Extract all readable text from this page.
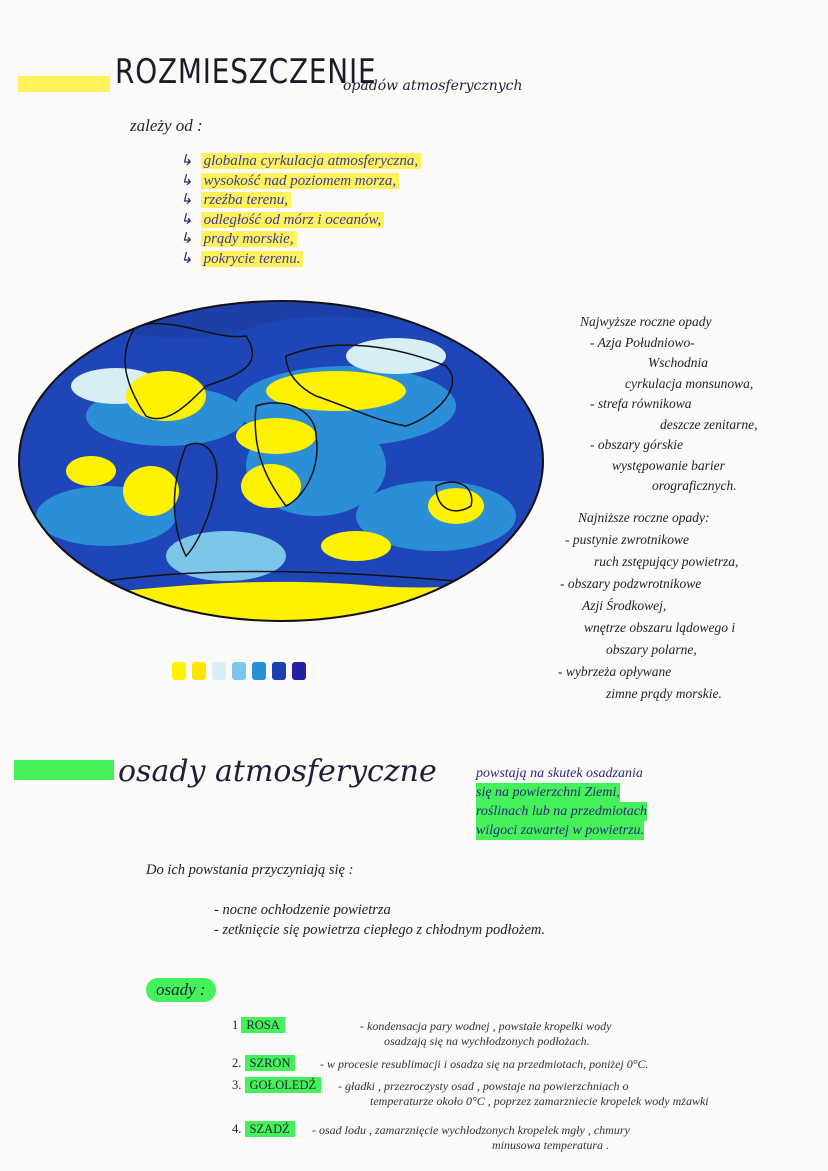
ROZMIESZCZENIE
opadów atmosferycznych
zależy od :
↳ globalna cyrkulacja atmosferyczna,
↳ wysokość nad poziomem morza,
↳ rzeźba terenu,
↳ odległość od mórz i oceanów,
↳ prądy morskie,
↳ pokrycie terenu.
Najwyższe roczne opady
- Azja Południowo-
Wschodnia
cyrkulacja monsunowa,
- strefa równikowa
deszcze zenitarne,
- obszary górskie
występowanie barier
orograficznych.
Najniższe roczne opady:
- pustynie zwrotnikowe
ruch zstępujący powietrza,
- obszary podzwrotnikowe
Azji Środkowej,
wnętrze obszaru lądowego i
obszary polarne,
- wybrzeża opływane
zimne prądy morskie.
osady atmosferyczne	powstają na skutek osadzania
się na powierzchni Ziemi,
roślinach lub na przedmiotach
wilgoci zawartej w powietrzu.
Do ich powstania przyczyniają się :
- nocne ochłodzenie powietrza
- zetknięcie się powietrza ciepłego z chłodnym podłożem.
osady :
1 ROSA	- kondensacja pary wodnej , powstałe kropelki wody
osadzają się na wychłodzonych podłożach.
2. SZRON	- w procesie resublimacji i osadza się na przedmiotach, poniżej 0°C.
3. GOŁOLEDŹ	- gładki , przezroczysty osad , powstaje na powierzchniach o
temperaturze około 0°C , poprzez zamarzniecie kropelek wody mżawki
4. SZADŹ	- osad lodu , zamarznięcie wychłodzonych kropelek mgły , chmury
minusowa temperatura .
